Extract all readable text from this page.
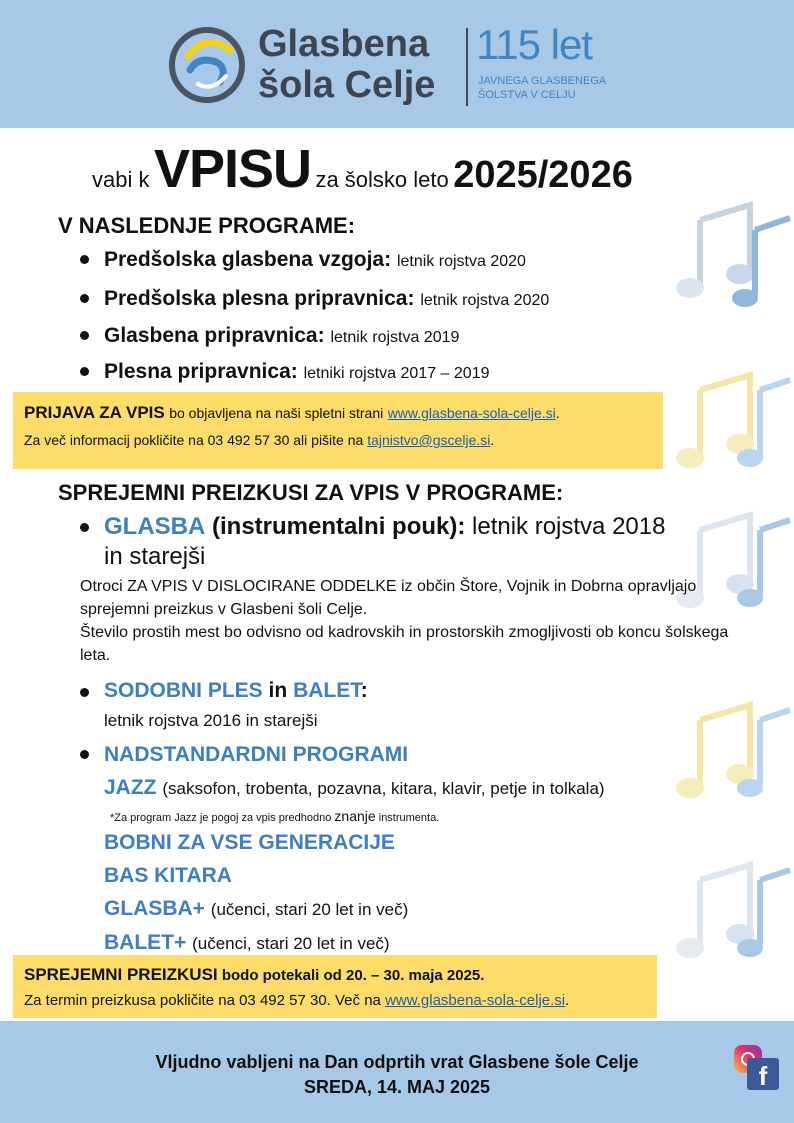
Glasbena
šola Celje
115 let
JAVNEGA GLASBENEGA
ŠOLSTVA V CELJU
vabi k VPISU za šolsko leto 2025/2026
V NASLEDNJE PROGRAME:
Predšolska glasbena vzgoja: letnik rojstva 2020
Predšolska plesna pripravnica: letnik rojstva 2020
Glasbena pripravnica: letnik rojstva 2019
Plesna pripravnica: letniki rojstva 2017 – 2019
PRIJAVA ZA VPIS bo objavljena na naši spletni strani www.glasbena-sola-celje.si.
Za več informacij pokličite na 03 492 57 30 ali pišite na tajnistvo@gscelje.si.
SPREJEMNI PREIZKUSI ZA VPIS V PROGRAME:
GLASBA (instrumentalni pouk): letnik rojstva 2018
in starejši
Otroci ZA VPIS V DISLOCIRANE ODDELKE iz občin Štore, Vojnik in Dobrna opravljajo sprejemni preizkus v Glasbeni šoli Celje.
Število prostih mest bo odvisno od kadrovskih in prostorskih zmogljivosti ob koncu šolskega leta.
SODOBNI PLES in BALET:
letnik rojstva 2016 in starejši
NADSTANDARDNI PROGRAMI
JAZZ (saksofon, trobenta, pozavna, kitara, klavir, petje in tolkala)
*Za program Jazz je pogoj za vpis predhodno znanje instrumenta.
BOBNI ZA VSE GENERACIJE
BAS KITARA
GLASBA+ (učenci, stari 20 let in več)
BALET+ (učenci, stari 20 let in več)
SPREJEMNI PREIZKUSI bodo potekali od 20. – 30. maja 2025.
Za termin preizkusa pokličite na 03 492 57 30. Več na www.glasbena-sola-celje.si.
Vljudno vabljeni na Dan odprtih vrat Glasbene šole Celje
SREDA, 14. MAJ 2025	f
